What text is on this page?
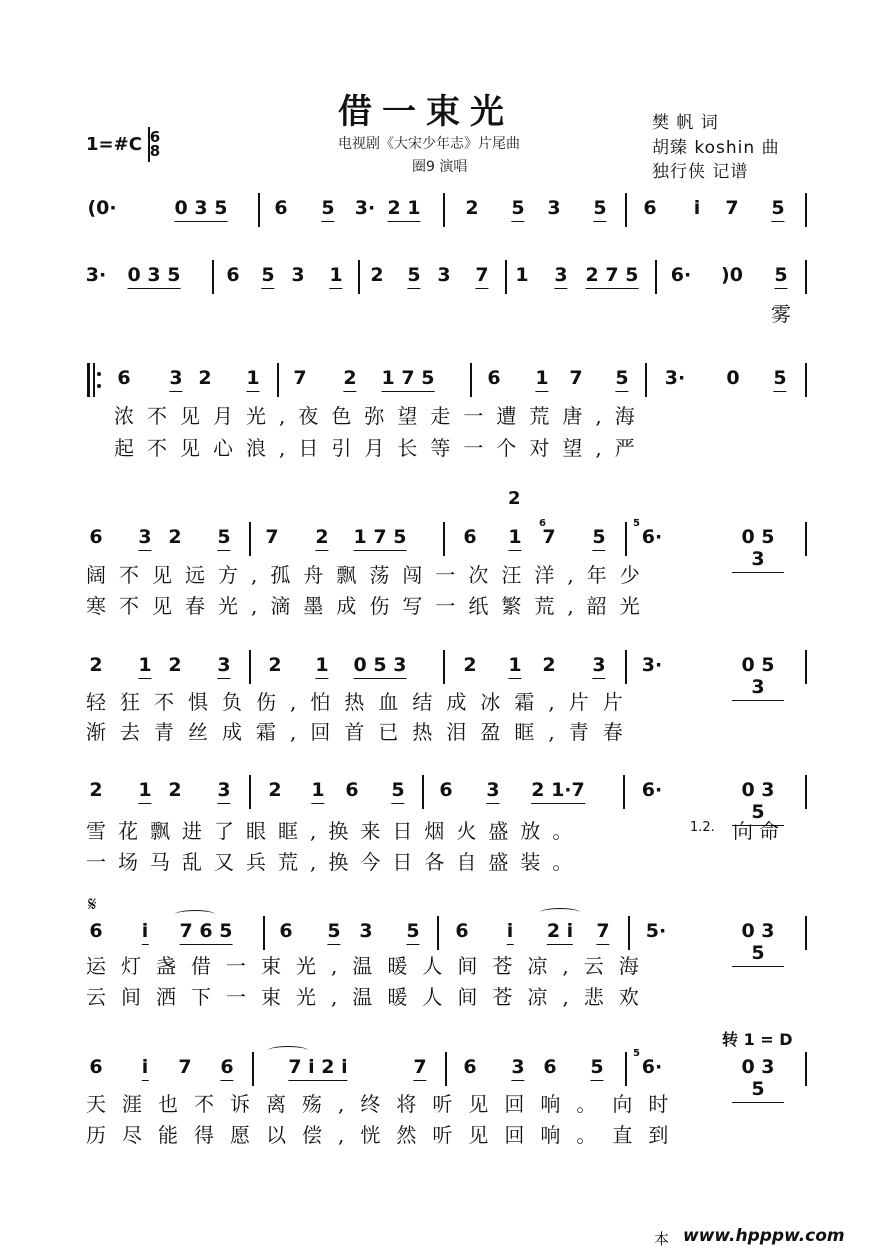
借一束光
电视剧《大宋少年志》片尾曲
圈9 演唱
1=#C 6
8
樊 帆 词
胡臻 koshin 曲
独行侠 记谱
(0·	0 3 5 6 5 3· 2 1 2 5 3 5 6 i 7 5
3· 0 3 5 6 5 3 1 2 5 3 7 1 3 2 7 5 6· )0 5
雾
6 3 2 1 7 2 1 7 5	6 1 7 5 3· 0 5
浓不见月光,夜色弥望走一遭荒唐,海
起不见心浪,日引月长等一个对望,严
2
6 3 2 5 7 2 1 7 5	6 1
6
7 5
5
6·	0 5 3
阔不见远方,孤舟飘荡闯一次汪洋,年少
寒不见春光,滴墨成伤写一纸繁荒,韶光
2 1 2 3 2 1 0 5 3	2 1 2 3 3·	0 5 3
轻狂不惧负伤,怕热血结成冰霜,片片
渐去青丝成霜,回首已热泪盈眶,青春
2 1 2 3 2 1 6 5 6 3 2 1·7	6·	0 3 5
雪花飘进了眼眶,换来日烟火盛放。	1.2. 向命
一场马乱又兵荒,换今日各自盛装。
𝄋
6 i 7 6 5 6 5 3 5 6 i 2 i 7 5·	0 3 5
运灯盏借一束光,温暖人间苍凉,云海
云间洒下一束光,温暖人间苍凉,悲欢
转 1 = D
6 i 7 6	7 i 2 i	7 6 3 6 5
5
6·	0 3 5
天涯也不诉离殇,终将听见回响。向时
历尽能得愿以偿,恍然听见回响。直到
本 www.hpppw.com
